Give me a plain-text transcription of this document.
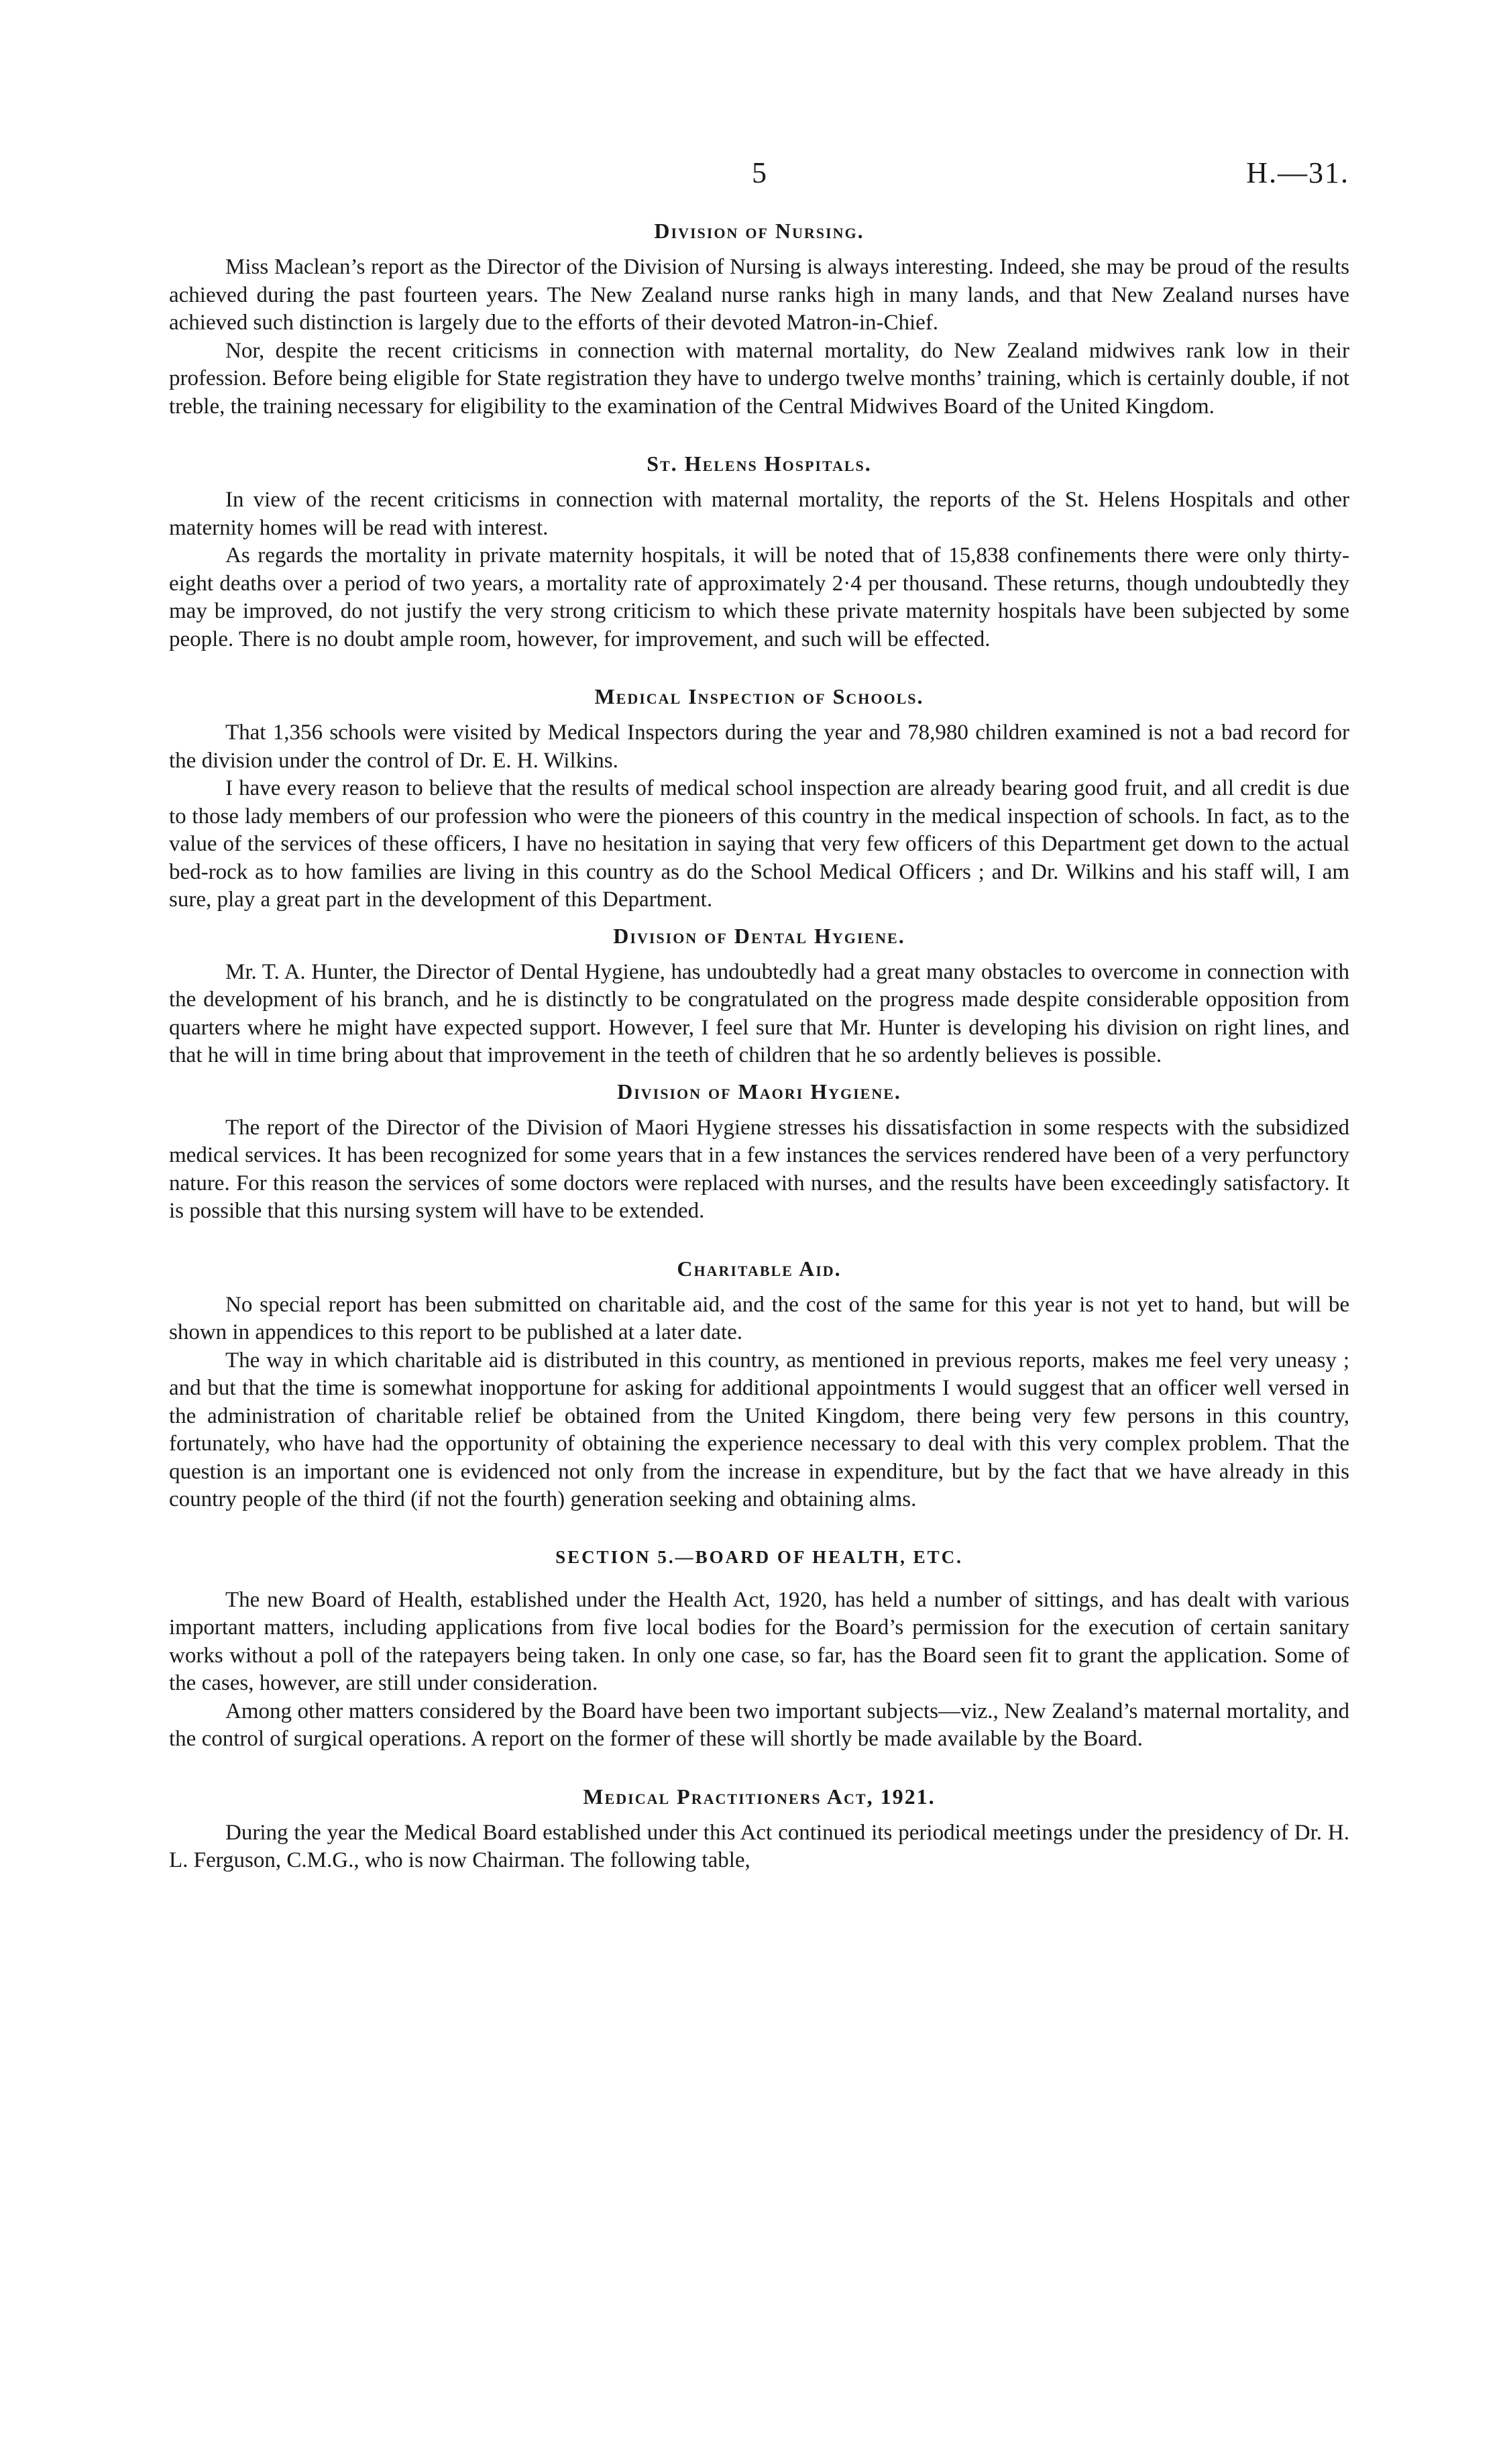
5	H.—31.
Division of Nursing.

Miss Maclean’s report as the Director of the Division of Nursing is always interesting. Indeed, she may be proud of the results achieved during the past fourteen years. The New Zealand nurse ranks high in many lands, and that New Zealand nurses have achieved such distinction is largely due to the efforts of their devoted Matron-in-Chief.

Nor, despite the recent criticisms in connection with maternal mortality, do New Zealand midwives rank low in their profession. Before being eligible for State registration they have to undergo twelve months’ training, which is certainly double, if not treble, the training necessary for eligibility to the examination of the Central Midwives Board of the United Kingdom.

St. Helens Hospitals.

In view of the recent criticisms in connection with maternal mortality, the reports of the St. Helens Hospitals and other maternity homes will be read with interest.

As regards the mortality in private maternity hospitals, it will be noted that of 15,838 confinements there were only thirty-eight deaths over a period of two years, a mortality rate of approximately 2·4 per thousand. These returns, though undoubtedly they may be improved, do not justify the very strong criticism to which these private maternity hospitals have been subjected by some people. There is no doubt ample room, however, for improvement, and such will be effected.

Medical Inspection of Schools.

That 1,356 schools were visited by Medical Inspectors during the year and 78,980 children examined is not a bad record for the division under the control of Dr. E. H. Wilkins.

I have every reason to believe that the results of medical school inspection are already bearing good fruit, and all credit is due to those lady members of our profession who were the pioneers of this country in the medical inspection of schools. In fact, as to the value of the services of these officers, I have no hesitation in saying that very few officers of this Department get down to the actual bed-rock as to how families are living in this country as do the School Medical Officers ; and Dr. Wilkins and his staff will, I am sure, play a great part in the development of this Department.

Division of Dental Hygiene.

Mr. T. A. Hunter, the Director of Dental Hygiene, has undoubtedly had a great many obstacles to overcome in connection with the development of his branch, and he is distinctly to be congratulated on the progress made despite considerable opposition from quarters where he might have expected support. However, I feel sure that Mr. Hunter is developing his division on right lines, and that he will in time bring about that improvement in the teeth of children that he so ardently believes is possible.

Division of Maori Hygiene.

The report of the Director of the Division of Maori Hygiene stresses his dissatisfaction in some respects with the subsidized medical services. It has been recognized for some years that in a few instances the services rendered have been of a very perfunctory nature. For this reason the services of some doctors were replaced with nurses, and the results have been exceedingly satisfactory. It is possible that this nursing system will have to be extended.

Charitable Aid.

No special report has been submitted on charitable aid, and the cost of the same for this year is not yet to hand, but will be shown in appendices to this report to be published at a later date.

The way in which charitable aid is distributed in this country, as mentioned in previous reports, makes me feel very uneasy ; and but that the time is somewhat inopportune for asking for additional appointments I would suggest that an officer well versed in the administration of charitable relief be obtained from the United Kingdom, there being very few persons in this country, fortunately, who have had the opportunity of obtaining the experience necessary to deal with this very complex problem. That the question is an important one is evidenced not only from the increase in expenditure, but by the fact that we have already in this country people of the third (if not the fourth) generation seeking and obtaining alms.

SECTION 5.—BOARD OF HEALTH, ETC.

The new Board of Health, established under the Health Act, 1920, has held a number of sittings, and has dealt with various important matters, including applications from five local bodies for the Board’s permission for the execution of certain sanitary works without a poll of the ratepayers being taken. In only one case, so far, has the Board seen fit to grant the application. Some of the cases, however, are still under consideration.

Among other matters considered by the Board have been two important subjects—viz., New Zealand’s maternal mortality, and the control of surgical operations. A report on the former of these will shortly be made available by the Board.

Medical Practitioners Act, 1921.

During the year the Medical Board established under this Act continued its periodical meetings under the presidency of Dr. H. L. Ferguson, C.M.G., who is now Chairman. The following table,
